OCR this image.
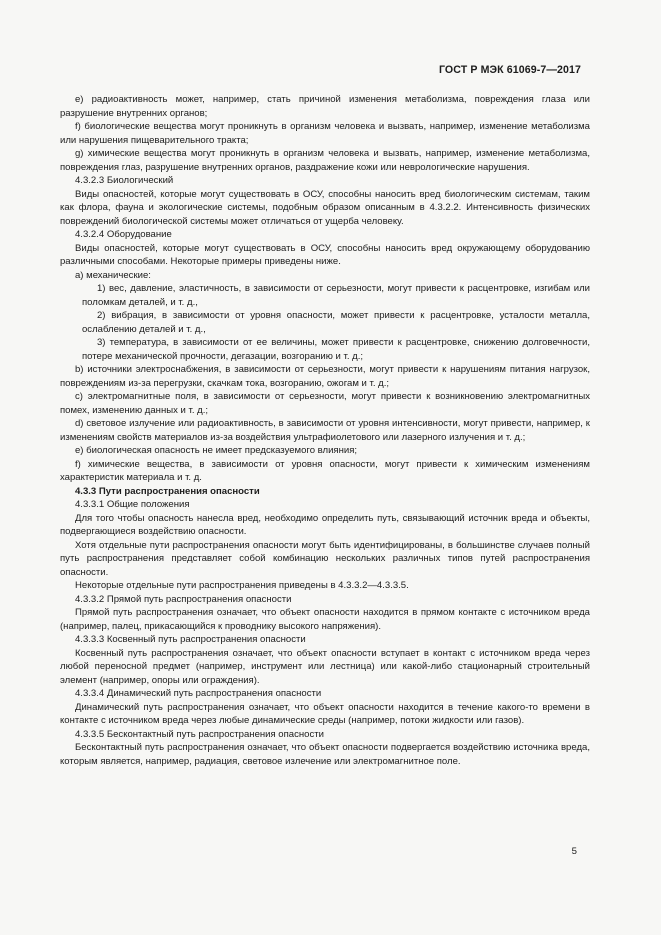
ГОСТ Р МЭК 61069-7—2017

e) радиоактивность может, например, стать причиной изменения метаболизма, повреждения глаза или разрушение внутренних органов;

f) биологические вещества могут проникнуть в организм человека и вызвать, например, изменение метаболизма или нарушения пищеварительного тракта;

g) химические вещества могут проникнуть в организм человека и вызвать, например, изменение метаболизма, повреждения глаз, разрушение внутренних органов, раздражение кожи или неврологические нарушения.

4.3.2.3 Биологический

Виды опасностей, которые могут существовать в ОСУ, способны наносить вред биологическим системам, таким как флора, фауна и экологические системы, подобным образом описанным в 4.3.2.2. Интенсивность физических повреждений биологической системы может отличаться от ущерба человеку.

4.3.2.4 Оборудование

Виды опасностей, которые могут существовать в ОСУ, способны наносить вред окружающему оборудованию различными способами. Некоторые примеры приведены ниже.

a) механические:

1) вес, давление, эластичность, в зависимости от серьезности, могут привести к расцентровке, изгибам или поломкам деталей, и т. д.,

2) вибрация, в зависимости от уровня опасности, может привести к расцентровке, усталости металла, ослаблению деталей и т. д.,

3) температура, в зависимости от ее величины, может привести к расцентровке, снижению долговечности, потере механической прочности, дегазации, возгоранию и т. д.;

b) источники электроснабжения, в зависимости от серьезности, могут привести к нарушениям питания нагрузок, повреждениям из-за перегрузки, скачкам тока, возгоранию, ожогам и т. д.;

c) электромагнитные поля, в зависимости от серьезности, могут привести к возникновению электромагнитных помех, изменению данных и т. д.;

d) световое излучение или радиоактивность, в зависимости от уровня интенсивности, могут привести, например, к изменениям свойств материалов из-за воздействия ультрафиолетового или лазерного излучения и т. д.;

e) биологическая опасность не имеет предсказуемого влияния;

f) химические вещества, в зависимости от уровня опасности, могут привести к химическим изменениям характеристик материала и т. д.

4.3.3 Пути распространения опасности

4.3.3.1 Общие положения

Для того чтобы опасность нанесла вред, необходимо определить путь, связывающий источник вреда и объекты, подвергающиеся воздействию опасности.

Хотя отдельные пути распространения опасности могут быть идентифицированы, в большинстве случаев полный путь распространения представляет собой комбинацию нескольких различных типов путей распространения опасности.

Некоторые отдельные пути распространения приведены в 4.3.3.2—4.3.3.5.

4.3.3.2 Прямой путь распространения опасности

Прямой путь распространения означает, что объект опасности находится в прямом контакте с источником вреда (например, палец, прикасающийся к проводнику высокого напряжения).

4.3.3.3 Косвенный путь распространения опасности

Косвенный путь распространения означает, что объект опасности вступает в контакт с источником вреда через любой переносной предмет (например, инструмент или лестница) или какой-либо стационарный строительный элемент (например, опоры или ограждения).

4.3.3.4 Динамический путь распространения опасности

Динамический путь распространения означает, что объект опасности находится в течение какого-то времени в контакте с источником вреда через любые динамические среды (например, потоки жидкости или газов).

4.3.3.5 Бесконтактный путь распространения опасности

Бесконтактный путь распространения означает, что объект опасности подвергается воздействию источника вреда, которым является, например, радиация, световое излечение или электромагнитное поле.

5
